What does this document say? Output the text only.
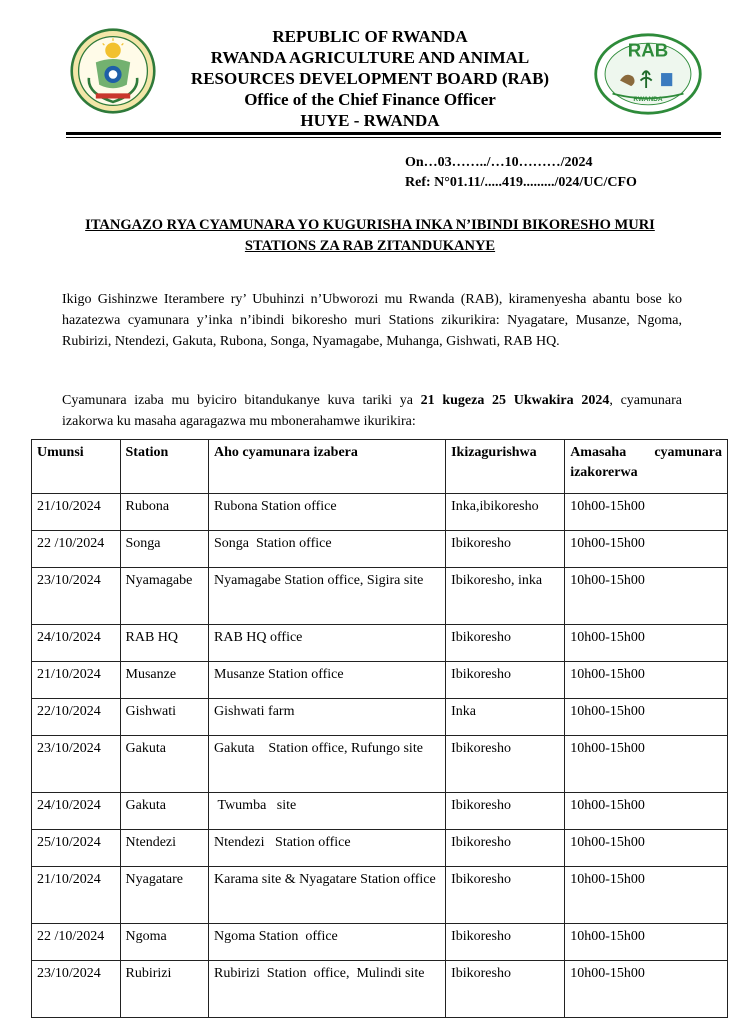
REPUBLIC OF RWANDA
RWANDA AGRICULTURE AND ANIMAL
RESOURCES DEVELOPMENT BOARD (RAB)
Office of the Chief Finance Officer
HUYE - RWANDA
RAB
RWANDA
On…03……../…10………/2024
Ref: N°01.11/.....419........./024/UC/CFO
ITANGAZO RYA CYAMUNARA YO KUGURISHA INKA N’IBINDI BIKORESHO MURI
STATIONS ZA RAB ZITANDUKANYE
Ikigo Gishinzwe Iterambere ry’ Ubuhinzi n’Ubworozi mu Rwanda (RAB), kiramenyesha abantu bose ko hazatezwa cyamunara y’inka n’ibindi bikoresho muri Stations zikurikira: Nyagatare, Musanze, Ngoma, Rubirizi, Ntendezi, Gakuta, Rubona, Songa, Nyamagabe, Muhanga, Gishwati, RAB HQ.
Cyamunara izaba mu byiciro bitandukanye kuva tariki ya 21 kugeza 25 Ukwakira 2024, cyamunara izakorwa ku masaha agaragazwa mu mbonerahamwe ikurikira:
Umunsi	Station	Aho cyamunara izabera	Ikizagurishwa	Amasaha cyamunara izakorerwa
21/10/2024	Rubona	Rubona Station office	Inka,ibikoresho	10h00-15h00
22 /10/2024	Songa	Songa  Station office	Ibikoresho	10h00-15h00
23/10/2024	Nyamagabe	Nyamagabe Station office, Sigira site	Ibikoresho, inka	10h00-15h00
24/10/2024	RAB HQ	RAB HQ office	Ibikoresho	10h00-15h00
21/10/2024	Musanze	Musanze Station office	Ibikoresho	10h00-15h00
22/10/2024	Gishwati	Gishwati farm	Inka	10h00-15h00
23/10/2024	Gakuta	Gakuta    Station office, Rufungo site	Ibikoresho	10h00-15h00
24/10/2024	Gakuta	Twumba   site	Ibikoresho	10h00-15h00
25/10/2024	Ntendezi	Ntendezi   Station office	Ibikoresho	10h00-15h00
21/10/2024	Nyagatare	Karama site & Nyagatare Station office	Ibikoresho	10h00-15h00
22 /10/2024	Ngoma	Ngoma Station  office	Ibikoresho	10h00-15h00
23/10/2024	Rubirizi	Rubirizi  Station  office,  Mulindi site	Ibikoresho	10h00-15h00
